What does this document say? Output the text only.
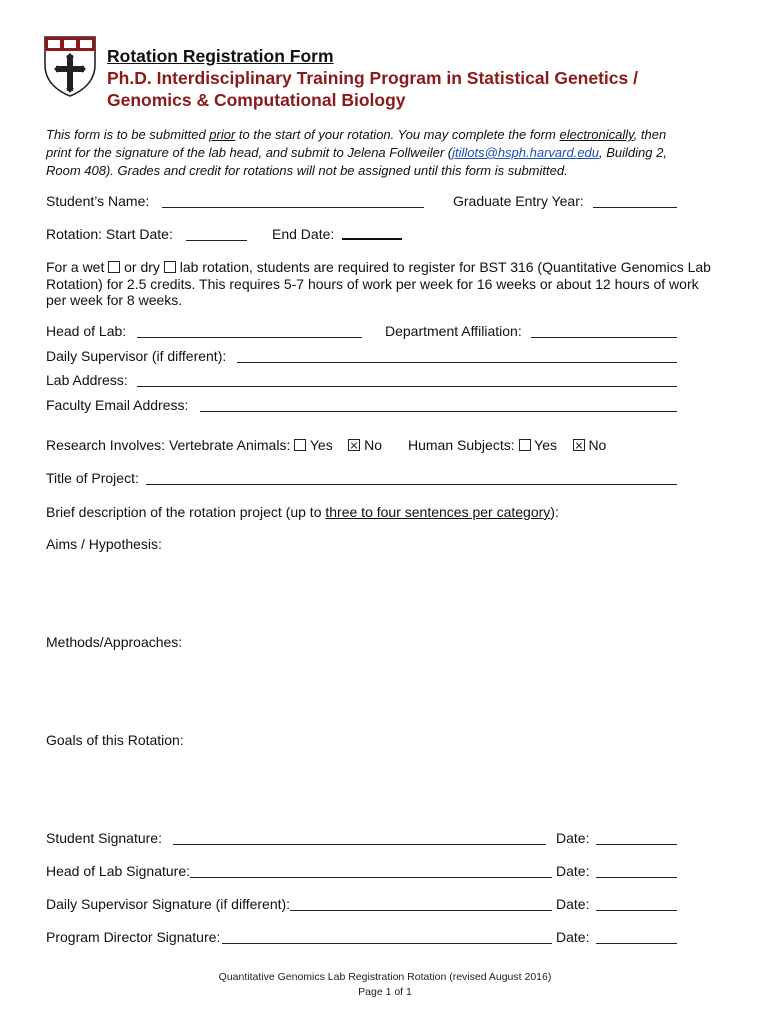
Rotation Registration Form
Ph.D. Interdisciplinary Training Program in Statistical Genetics /
Genomics & Computational Biology
This form is to be submitted prior to the start of your rotation. You may complete the form electronically, then
print for the signature of the lab head, and submit to Jelena Follweiler (jtillots@hsph.harvard.edu, Building 2,
Room 408). Grades and credit for rotations will not be assigned until this form is submitted.
Student’s Name:	Graduate Entry Year:
Rotation: Start Date:	End Date:
For a wet or dry lab rotation, students are required to register for BST 316 (Quantitative Genomics Lab
Rotation) for 2.5 credits. This requires 5-7 hours of work per week for 16 weeks or about 12 hours of work
per week for 8 weeks.
Head of Lab:	Department Affiliation:
Daily Supervisor (if different):
Lab Address:
Faculty Email Address:
Research Involves: Vertebrate Animals: Yes No Human Subjects: Yes No
Title of Project:
Brief description of the rotation project (up to three to four sentences per category):
Aims / Hypothesis:
Methods/Approaches:
Goals of this Rotation:
Student Signature:	Date:
Head of Lab Signature:	Date:
Daily Supervisor Signature (if different):	Date:
Program Director Signature:	Date:
Quantitative Genomics Lab Registration Rotation (revised August 2016)
Page 1 of 1
